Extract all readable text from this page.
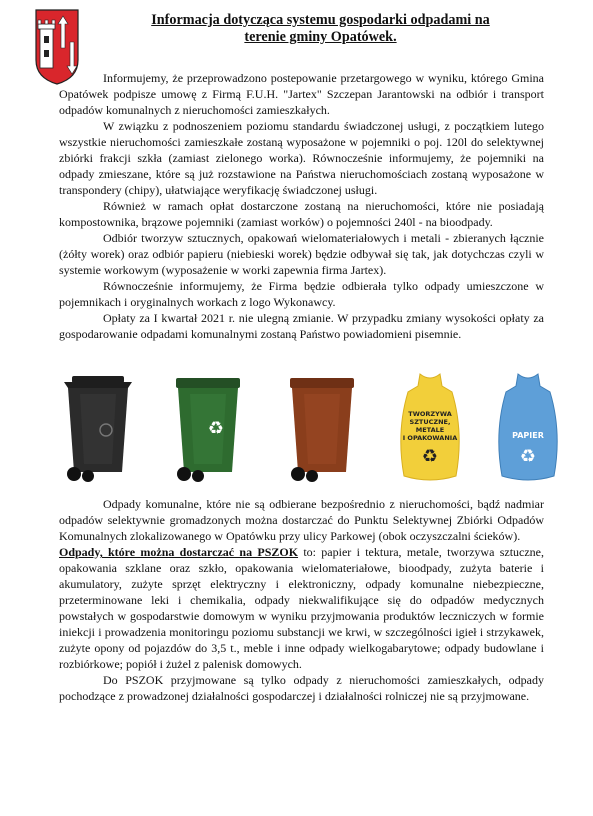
Informacja dotycząca systemu gospodarki odpadami na
terenie gminy Opatówek.

Informujemy, że przeprowadzono postepowanie przetargowego w wyniku, którego Gmina Opatówek podpisze umowę z Firmą F.U.H. "Jartex" Szczepan Jarantowski na odbiór i transport odpadów komunalnych z nieruchomości zamieszkałych.

W związku z podnoszeniem poziomu standardu świadczonej usługi, z początkiem lutego wszystkie nieruchomości zamieszkałe zostaną wyposażone w pojemniki o poj. 120l do selektywnej zbiórki frakcji szkła (zamiast zielonego worka). Równocześnie informujemy, że pojemniki na odpady zmieszane, które są już rozstawione na Państwa nieruchomościach zostaną wyposażone w transpondery (chipy), ułatwiające weryfikację świadczonej usługi.

Również w ramach opłat dostarczone zostaną na nieruchomości, które nie posiadają kompostownika, brązowe pojemniki (zamiast worków) o pojemności 240l - na bioodpady.

Odbiór tworzyw sztucznych, opakowań wielomateriałowych i metali - zbieranych łącznie (żółty worek) oraz odbiór papieru (niebieski worek) będzie odbywał się tak, jak dotychczas czyli w systemie workowym (wyposażenie w worki zapewnia firma Jartex).

Równocześnie informujemy, że Firma będzie odbierała tylko odpady umieszczone w pojemnikach i oryginalnych workach z logo Wykonawcy.

Opłaty za I kwartał 2021 r. nie ulegną zmianie. W przypadku zmiany wysokości opłaty za gospodarowanie odpadami komunalnymi zostaną Państwo powiadomieni pisemnie.

♻
TWORZYWA
SZTUCZNE,
METALE
I OPAKOWANIA
♻
PAPIER
♻

Odpady komunalne, które nie są odbierane bezpośrednio z nieruchomości, bądź nadmiar odpadów selektywnie gromadzonych można dostarczać do Punktu Selektywnej Zbiórki Odpadów Komunalnych zlokalizowanego w Opatówku przy ulicy Parkowej (obok oczyszczalni ścieków).

Odpady, które można dostarczać na PSZOK to: papier i tektura, metale, tworzywa sztuczne, opakowania szklane oraz szkło, opakowania wielomateriałowe, bioodpady, zużyta baterie i akumulatory, zużyte sprzęt elektryczny i elektroniczny, odpady komunalne niebezpieczne, przeterminowane leki i chemikalia, odpady niekwalifikujące się do odpadów medycznych powstałych w gospodarstwie domowym w wyniku przyjmowania produktów leczniczych w formie iniekcji i prowadzenia monitoringu poziomu substancji we krwi, w szczególności igieł i strzykawek, zużyte opony od pojazdów do 3,5 t., meble i inne odpady wielkogabarytowe; odpady budowlane i rozbiórkowe; popiół i żużel z palenisk domowych.

Do PSZOK przyjmowane są tylko odpady z nieruchomości zamieszkałych, odpady pochodzące z prowadzonej działalności gospodarczej i działalności rolniczej nie są przyjmowane.
